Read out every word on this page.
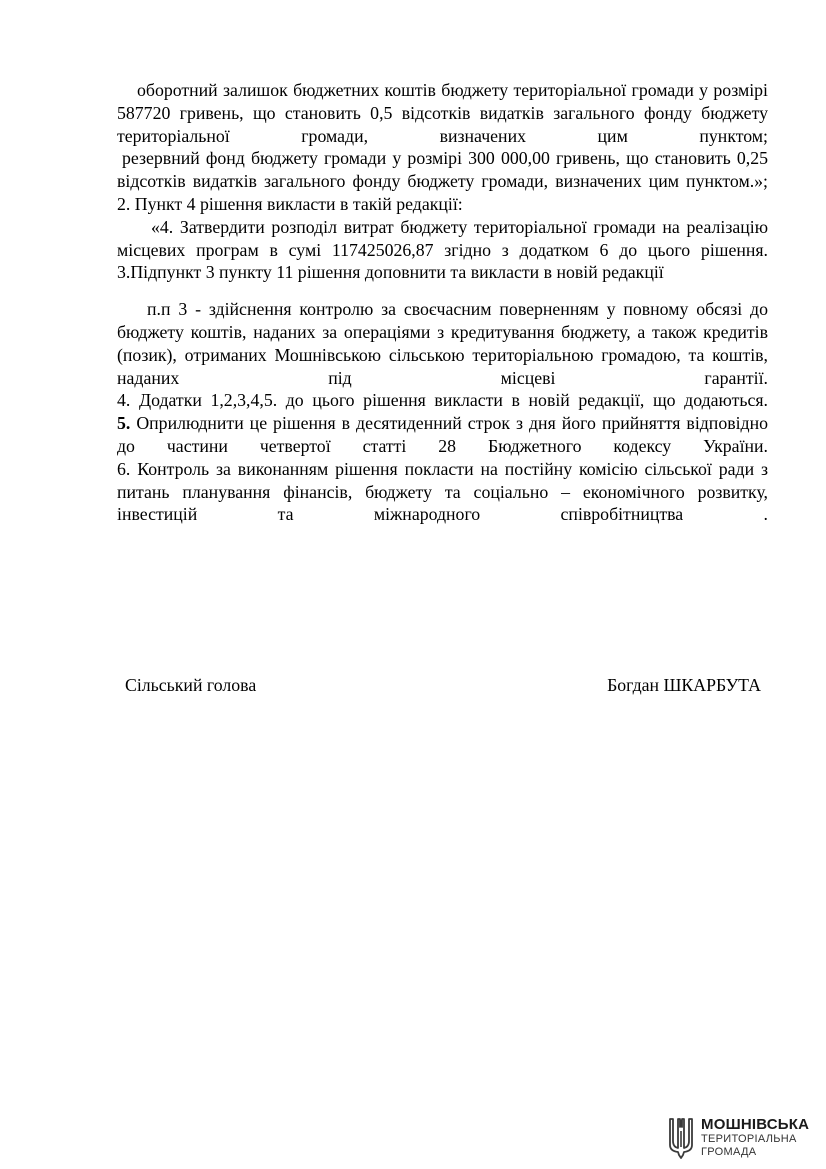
оборотний залишок бюджетних коштів бюджету територіальної громади у розмірі 587720 гривень, що становить 0,5 відсотків видатків загального фонду бюджету територіальної громади, визначених цим пунктом;

резервний фонд бюджету громади у розмірі 300 000,00 гривень, що становить 0,25 відсотків видатків загального фонду бюджету громади, визначених цим пунктом.»;

2. Пункт 4 рішення викласти в такій редакції:

«4. Затвердити розподіл витрат бюджету територіальної громади на реалізацію місцевих програм в сумі 117425026,87 згідно з додатком 6 до цього рішення.

3.Підпункт 3 пункту 11 рішення доповнити та викласти в новій редакції

п.п 3 - здійснення контролю за своєчасним поверненням у повному обсязі до бюджету коштів, наданих за операціями з кредитування бюджету, а також кредитів (позик), отриманих Мошнівською сільською територіальною громадою, та коштів, наданих під місцеві гарантії.

4. Додатки 1,2,3,4,5. до цього рішення викласти в новій редакції, що додаються.

5. Оприлюднити це рішення в десятиденний строк з дня його прийняття відповідно до частини четвертої статті 28 Бюджетного кодексу України.

6. Контроль за виконанням рішення покласти на постійну комісію сільської ради з питань планування фінансів, бюджету та соціально – економічного розвитку, інвестицій та міжнародного співробітництва .

Сільський голова	Богдан ШКАРБУТА
МОШНІВСЬКА
ТЕРИТОРІАЛЬНА
ГРОМАДА
